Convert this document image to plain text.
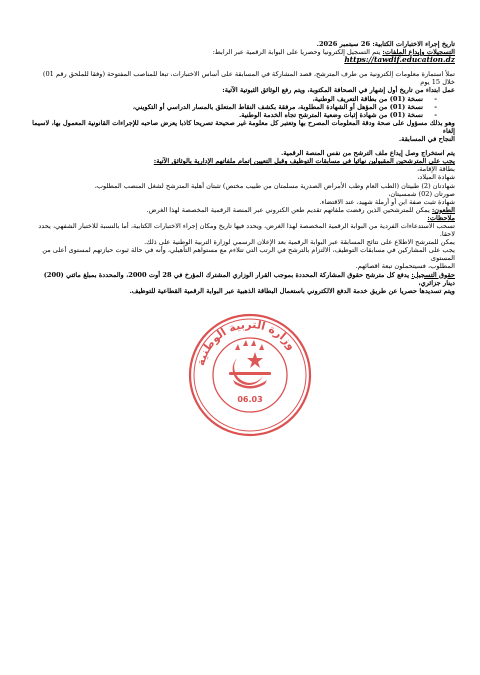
تاريخ إجراء الاختبارات الكتابية: 26 سبتمبر 2026.

التسجيلات وإيداع الملفات: يتم التسجيل إلكترونيا وحصريا على البوابة الرقمية عبر الرابط:

https://tawdif.education.dz

تملأ استمارة معلومات إلكترونية من طرف المترشح، قصد المشاركة في المسابقة على أساس الاختبارات، تبعا للمناصب المفتوحة (وفقا للملحق رقم 01) خلال 15 يوم

عمل ابتداء من تاريخ أول إشهار في الصحافة المكتوبة، ويتم رفع الوثائق الثبوتية الآتية:

-نسخة (01) من بطاقة التعريف الوطنية،

-نسخة (01) من المؤهل أو الشهادة المطلوبة، مرفقة بكشف النقاط المتعلق بالمسار الدراسي أو التكويني،

-نسخة (01) من شهادة إثبات وضعية المترشح تجاه الخدمة الوطنية.

وهو بذلك مسؤول على صحة ودقة المعلومات المصرح بها وتعتبر كل معلومة غير صحيحة تصريحا كاذبا يعرض صاحبه للإجراءات القانونية المعمول بها، لاسيما إلغاء

النجاح في المسابقة.

يتم استخراج وصل إيداع ملف الترشح من نفس المنصة الرقمية.

يجب على المترشحين المقبولين نهائيا في مسابقات التوظيف وقبل التعيين إتمام ملفاتهم الإدارية بالوثائق الآتية:

بطاقة الإقامة،

شهادة الميلاد،

شهادتان (2) طبيتان (الطب العام وطب الأمراض الصدرية مسلمتان من طبيب مختص) تثبتان أهلية المترشح لشغل المنصب المطلوب،

صورتان (02) شمسيتان،

شهادة تثبت صفة ابن أو أرملة شهيد، عند الاقتضاء.

الطعون: يمكن للمترشحين الذين رفضت ملفاتهم تقديم طعن الكتروني عبر المنصة الرقمية المخصصة لهذا الغرض.

ملاحظات:

تسحب الاستدعاءات الفردية من البوابة الرقمية المخصصة لهذا الغرض، ويحدد فيها تاريخ ومكان إجراء الاختبارات الكتابية، أما بالنسبة للاختبار الشفهي، يحدد لاحقا.

يمكن للمترشح الاطلاع على نتائج المسابقة عبر البوابة الرقمية بعد الإعلان الرسمي لوزارة التربية الوطنية على ذلك.

يجب على المشاركين في مسابقات التوظيف، الالتزام بالترشح في الرتب التي تتلاءم مع مستواهم التأهيلي، وأنه في حالة ثبوت حيازتهم لمستوى أعلى من المستوى

المطلوب، فسيتحملون تبعة اقصائهم.

حقوق التسجيل: يدفع كل مترشح حقوق المشاركة المحددة بموجب القرار الوزاري المشترك المؤرخ في 28 أوت 2000، والمحددة بمبلغ مائتي (200) دينار جزائري،

ويتم تسديدها حصريا عن طريق خدمة الدفع الالكتروني باستعمال البطاقة الذهبية عبر البوابة الرقمية القطاعية للتوظيف.

وزارة التربية الوطنية
06.03
